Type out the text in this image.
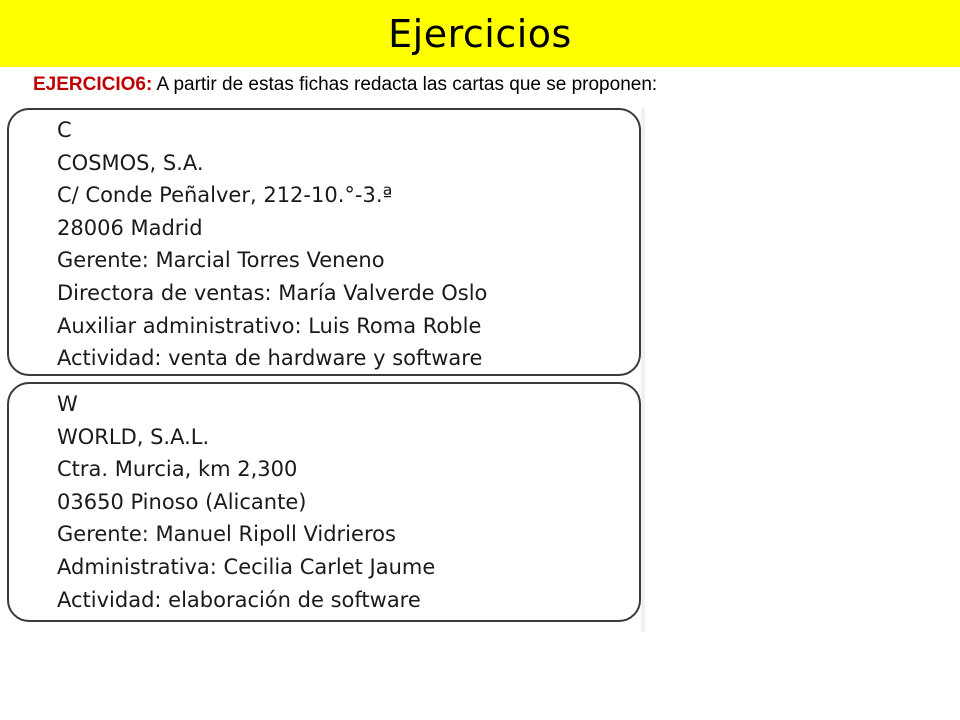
Ejercicios
EJERCICIO6: A partir de estas fichas redacta las cartas que se proponen:
C
COSMOS, S.A.
C/ Conde Peñalver, 212-10.°-3.ª
28006 Madrid
Gerente: Marcial Torres Veneno
Directora de ventas: María Valverde Oslo
Auxiliar administrativo: Luis Roma Roble
Actividad: venta de hardware y software
W
WORLD, S.A.L.
Ctra. Murcia, km 2,300
03650 Pinoso (Alicante)
Gerente: Manuel Ripoll Vidrieros
Administrativa: Cecilia Carlet Jaume
Actividad: elaboración de software
